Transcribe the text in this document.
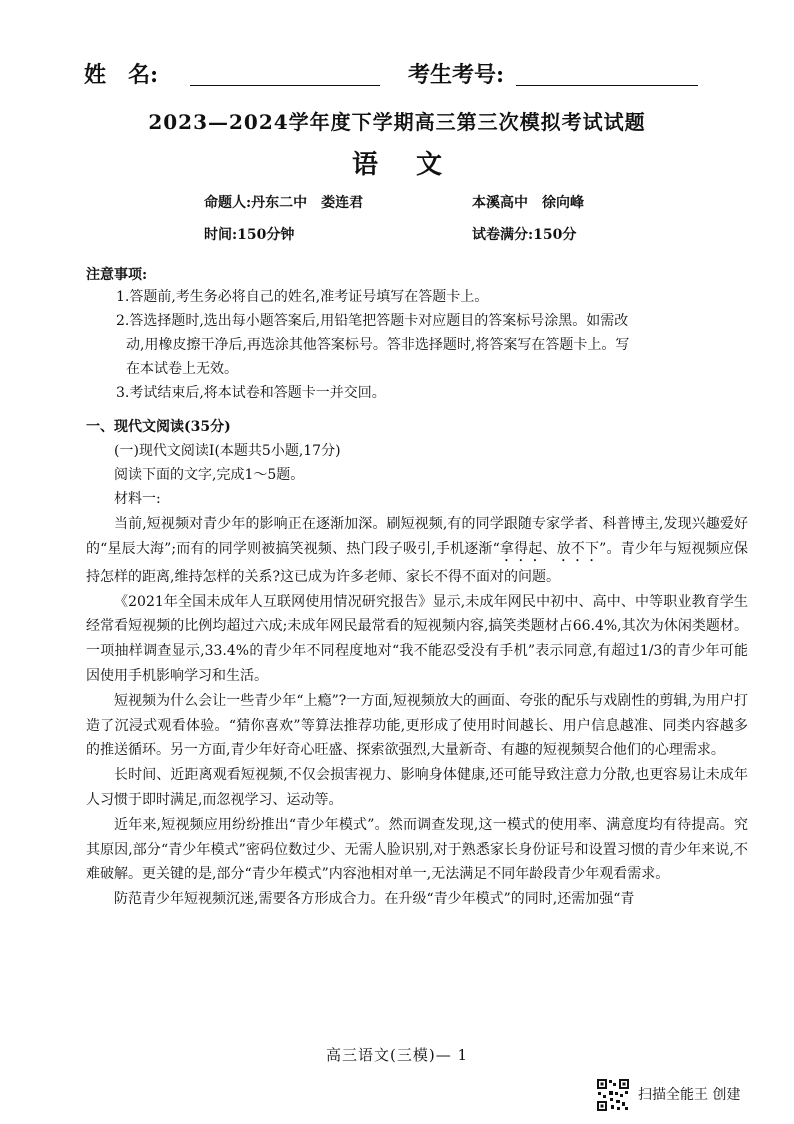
姓　名:	考生考号:
2023—2024学年度下学期高三第三次模拟考试试题
语文
命题人:丹东二中　娄连君	本溪高中　徐向峰
时间:150分钟	试卷满分:150分
注意事项:
1.答题前,考生务必将自己的姓名,准考证号填写在答题卡上。
2.答选择题时,选出每小题答案后,用铅笔把答题卡对应题目的答案标号涂黑。如需改
动,用橡皮擦干净后,再选涂其他答案标号。答非选择题时,将答案写在答题卡上。写
在本试卷上无效。
3.考试结束后,将本试卷和答题卡一并交回。
一、现代文阅读(35分)
(一)现代文阅读I(本题共5小题,17分)
阅读下面的文字,完成1～5题。
材料一:

当前,短视频对青少年的影响正在逐渐加深。刷短视频,有的同学跟随专家学者、科普博主,发现兴趣爱好的“星辰大海”;而有的同学则被搞笑视频、热门段子吸引,手机逐渐“拿得起、放不下”。青少年与短视频应保持怎样的距离,维持怎样的关系?这已成为许多老师、家长不得不面对的问题。

《2021年全国未成年人互联网使用情况研究报告》显示,未成年网民中初中、高中、中等职业教育学生经常看短视频的比例均超过六成;未成年网民最常看的短视频内容,搞笑类题材占66.4%,其次为休闲类题材。一项抽样调查显示,33.4%的青少年不同程度地对“我不能忍受没有手机”表示同意,有超过1/3的青少年可能因使用手机影响学习和生活。

短视频为什么会让一些青少年“上瘾”?一方面,短视频放大的画面、夸张的配乐与戏剧性的剪辑,为用户打造了沉浸式观看体验。“猜你喜欢”等算法推荐功能,更形成了使用时间越长、用户信息越准、同类内容越多的推送循环。另一方面,青少年好奇心旺盛、探索欲强烈,大量新奇、有趣的短视频契合他们的心理需求。

长时间、近距离观看短视频,不仅会损害视力、影响身体健康,还可能导致注意力分散,也更容易让未成年人习惯于即时满足,而忽视学习、运动等。

近年来,短视频应用纷纷推出“青少年模式”。然而调查发现,这一模式的使用率、满意度均有待提高。究其原因,部分“青少年模式”密码位数过少、无需人脸识别,对于熟悉家长身份证号和设置习惯的青少年来说,不难破解。更关键的是,部分“青少年模式”内容池相对单一,无法满足不同年龄段青少年观看需求。

防范青少年短视频沉迷,需要各方形成合力。在升级“青少年模式”的同时,还需加强“青

高三语文(三模)— 1
扫描全能王 创建
